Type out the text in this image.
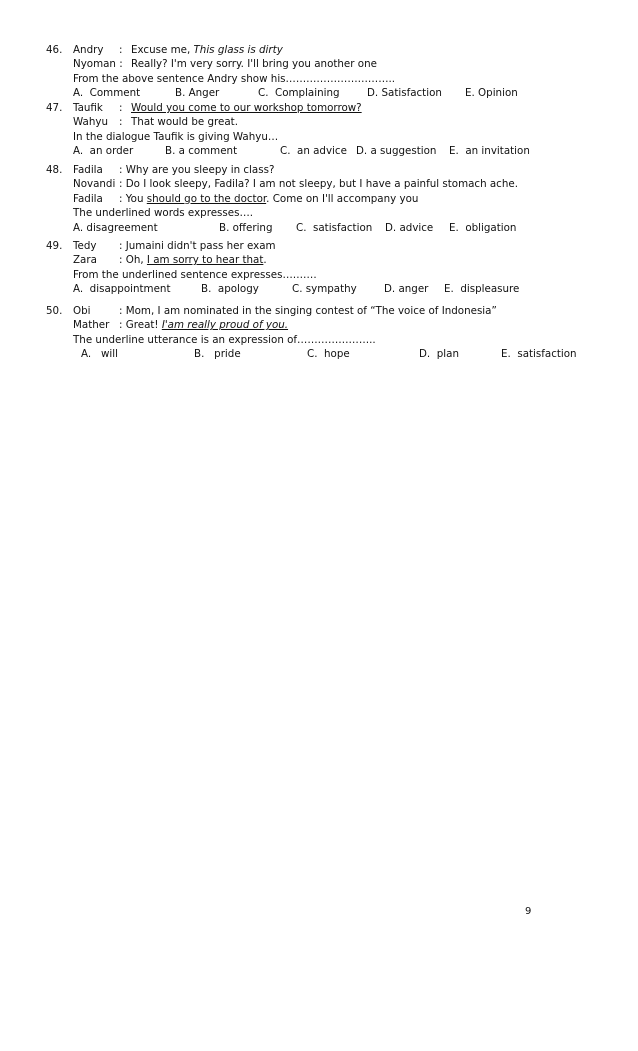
46.

	Andry

:

Excuse me, This glass is dirty

Nyoman :

Really? I'm very sorry. I'll bring you another one

From the above sentence Andry show his…………………………..

A.  Comment

	B. Anger

	C.  Complaining

	D. Satisfaction

E. Opinion

47.

	Taufik

:

Would you come to our workshop tomorrow?

Wahyu

:

That would be great.

In the dialogue Taufik is giving Wahyu…

A.  an order

	B. a comment

	C.  an advice

D. a suggestion

E.  an invitation

48.

	Fadila

: Why are you sleepy in class?

Novandi

: Do I look sleepy, Fadila? I am not sleepy, but I have a painful stomach ache.

Fadila

: You should go to the doctor. Come on I'll accompany you

The underlined words expresses….

A. disagreement

	B. offering

C.  satisfaction

D. advice

E.  obligation

49.

	Tedy

: Jumaini didn't pass her exam

Zara

: Oh, I am sorry to hear that.

From the underlined sentence expresses……….

A.  disappointment

	B.  apology

	C. sympathy

	D. anger

E.  displeasure

50.

	Obi

	: Mom, I am nominated in the singing contest of “The voice of Indonesia”

Mather

: Great! I'am really proud of you.

The underline utterance is an expression of…………………..

A.   will

	B.   pride

	C.  hope

	D.  plan

	E.  satisfaction

9
